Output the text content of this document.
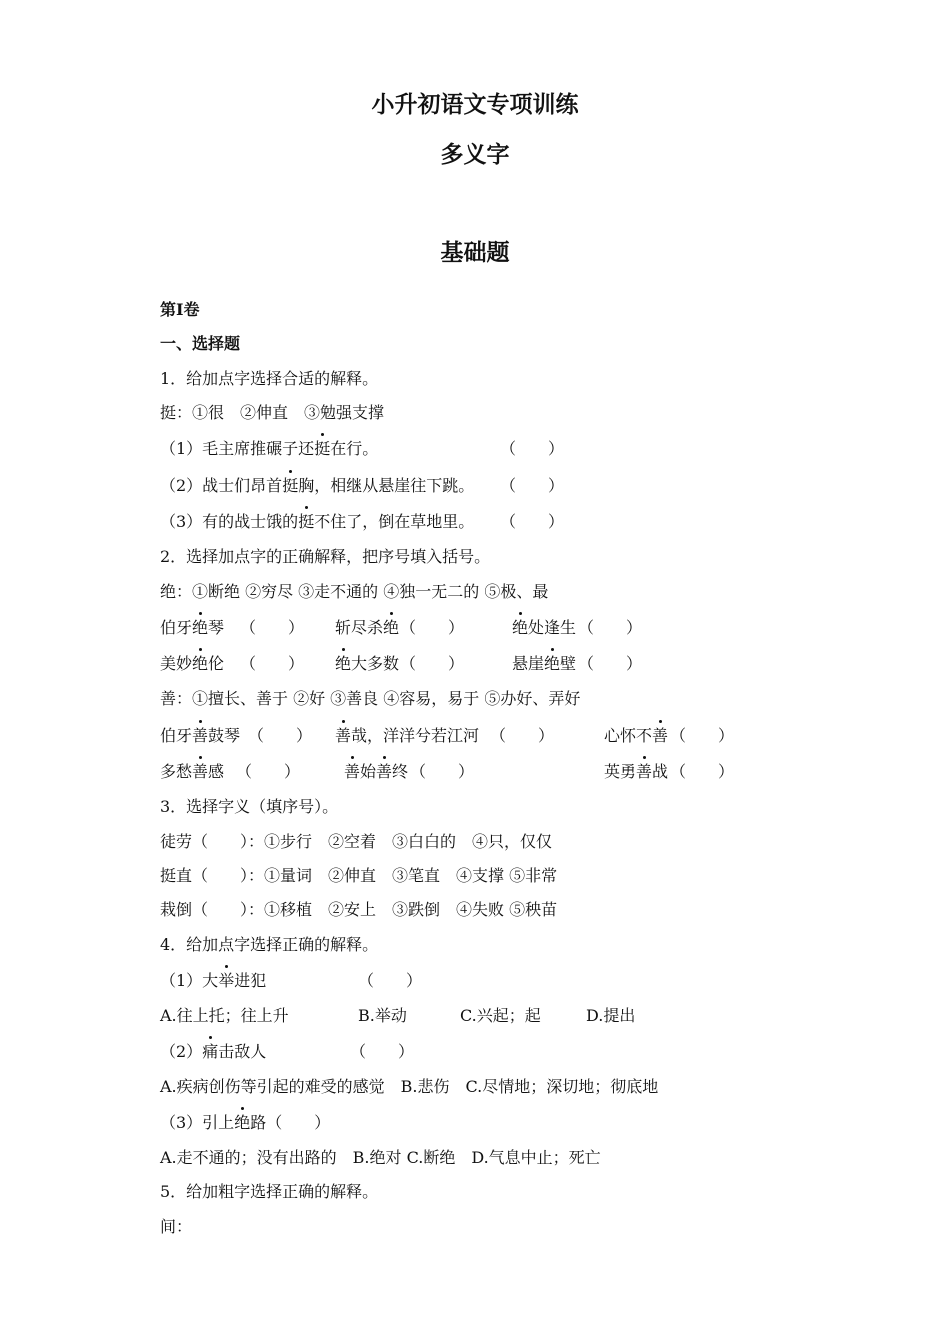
小升初语文专项训练
多义字
基础题
第Ⅰ卷
一、选择题
1．给加点字选择合适的解释。
挺：①很　②伸直　③勉强支撑
（1）毛主席推碾子还挺在行。	（　　）
（2）战士们昂首挺胸，相继从悬崖往下跳。 （　　）
（3）有的战士饿的挺不住了，倒在草地里。 （　　）
2．选择加点字的正确解释，把序号填入括号。
绝：①断绝 ②穷尽 ③走不通的 ④独一无二的 ⑤极、最
伯牙绝琴 （　　） 斩尽杀绝 （　　）	绝处逢生 （　　）
美妙绝伦 （　　） 绝大多数 （　　）	悬崖绝壁 （　　）
善：①擅长、善于 ②好 ③善良 ④容易，易于 ⑤办好、弄好
伯牙善鼓琴 （　　） 善哉，洋洋兮若江河 （　　）	心怀不善 （　　）
多愁善感 （　　）	善始善终 （　　）	英勇善战 （　　）
3．选择字义（填序号）。
徒劳（　　）：①步行　②空着　③白白的　④只，仅仅
挺直（　　）：①量词　②伸直　③笔直　④支撑 ⑤非常
栽倒（　　）：①移植　②安上　③跌倒　④失败 ⑤秧苗
4．给加点字选择正确的解释。
（1）大举进犯	（　　）
A.往上托；往上升	B.举动	C.兴起；起	D.提出
（2）痛击敌人	（　　）
A.疾病创伤等引起的难受的感觉　B.悲伤　C.尽情地；深切地；彻底地
（3）引上绝路（　　）
A.走不通的；没有出路的　B.绝对 C.断绝　D.气息中止；死亡
5．给加粗字选择正确的解释。
间：
